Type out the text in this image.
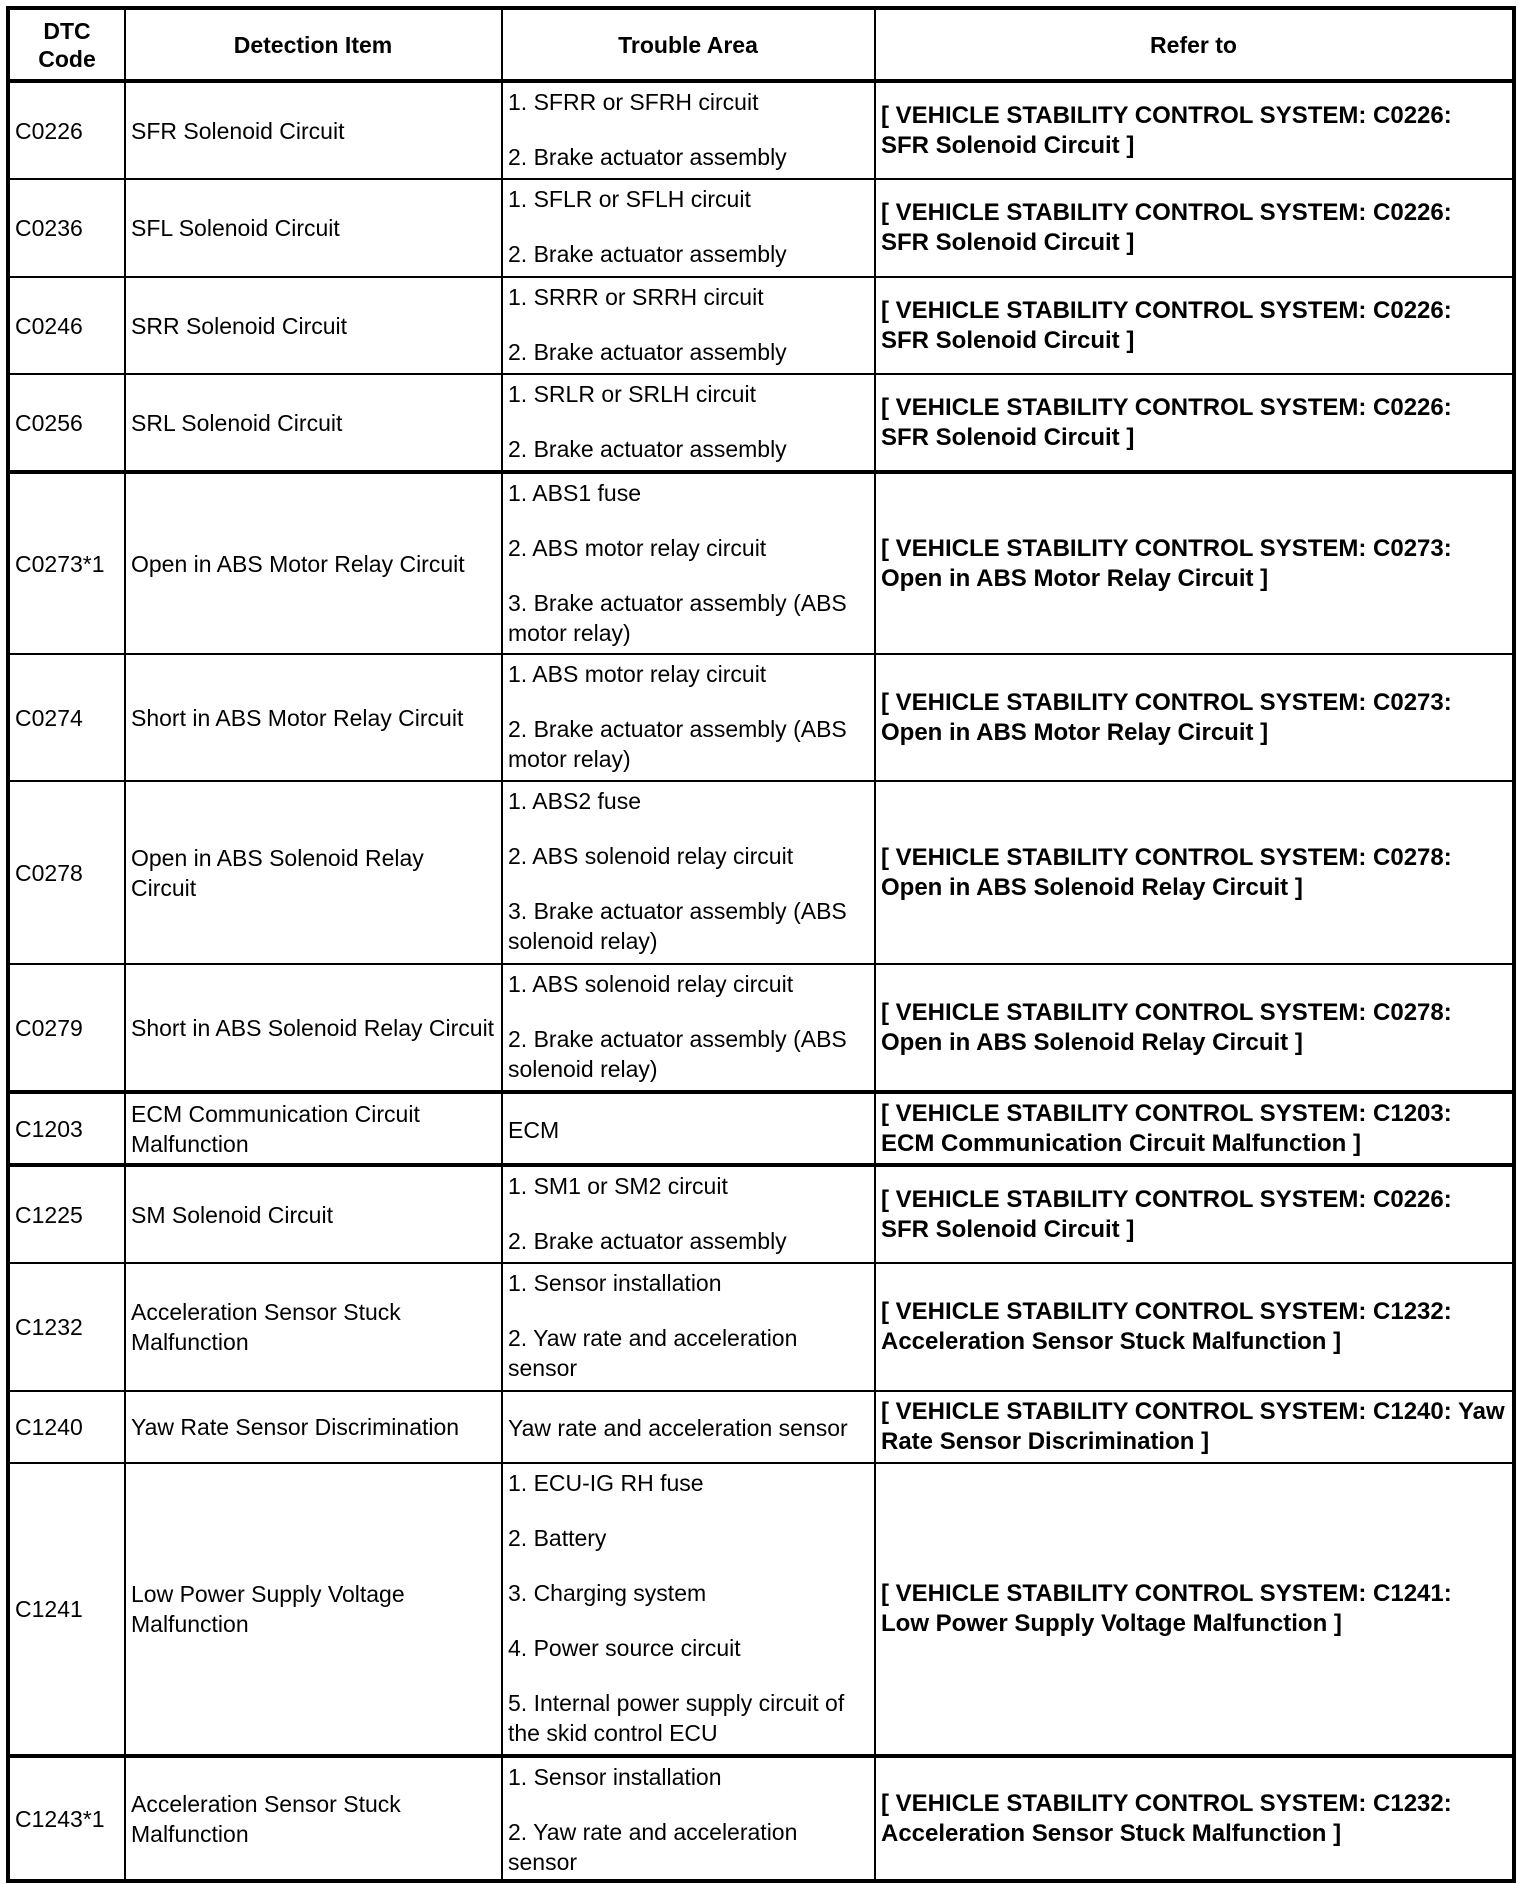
DTC Code	Detection Item	Trouble Area	Refer to
C0226	SFR Solenoid Circuit	1. SFRR or SFRH circuit
2. Brake actuator assembly	[ VEHICLE STABILITY CONTROL SYSTEM: C0226: SFR Solenoid Circuit ]
C0236	SFL Solenoid Circuit	1. SFLR or SFLH circuit
2. Brake actuator assembly	[ VEHICLE STABILITY CONTROL SYSTEM: C0226: SFR Solenoid Circuit ]
C0246	SRR Solenoid Circuit	1. SRRR or SRRH circuit
2. Brake actuator assembly	[ VEHICLE STABILITY CONTROL SYSTEM: C0226: SFR Solenoid Circuit ]
C0256	SRL Solenoid Circuit	1. SRLR or SRLH circuit
2. Brake actuator assembly	[ VEHICLE STABILITY CONTROL SYSTEM: C0226: SFR Solenoid Circuit ]
C0273*1	Open in ABS Motor Relay Circuit	1. ABS1 fuse
2. ABS motor relay circuit
3. Brake actuator assembly (ABS motor relay)	[ VEHICLE STABILITY CONTROL SYSTEM: C0273: Open in ABS Motor Relay Circuit ]
C0274	Short in ABS Motor Relay Circuit	1. ABS motor relay circuit
2. Brake actuator assembly (ABS motor relay)	[ VEHICLE STABILITY CONTROL SYSTEM: C0273: Open in ABS Motor Relay Circuit ]
C0278	Open in ABS Solenoid Relay Circuit	1. ABS2 fuse
2. ABS solenoid relay circuit
3. Brake actuator assembly (ABS solenoid relay)	[ VEHICLE STABILITY CONTROL SYSTEM: C0278: Open in ABS Solenoid Relay Circuit ]
C0279	Short in ABS Solenoid Relay Circuit	1. ABS solenoid relay circuit
2. Brake actuator assembly (ABS solenoid relay)	[ VEHICLE STABILITY CONTROL SYSTEM: C0278: Open in ABS Solenoid Relay Circuit ]
C1203	ECM Communication Circuit Malfunction	ECM	[ VEHICLE STABILITY CONTROL SYSTEM: C1203: ECM Communication Circuit Malfunction ]
C1225	SM Solenoid Circuit	1. SM1 or SM2 circuit
2. Brake actuator assembly	[ VEHICLE STABILITY CONTROL SYSTEM: C0226: SFR Solenoid Circuit ]
C1232	Acceleration Sensor Stuck Malfunction	1. Sensor installation
2. Yaw rate and acceleration sensor	[ VEHICLE STABILITY CONTROL SYSTEM: C1232: Acceleration Sensor Stuck Malfunction ]
C1240	Yaw Rate Sensor Discrimination	Yaw rate and acceleration sensor	[ VEHICLE STABILITY CONTROL SYSTEM: C1240: Yaw Rate Sensor Discrimination ]
C1241	Low Power Supply Voltage Malfunction	1. ECU-IG RH fuse
2. Battery
3. Charging system
4. Power source circuit
5. Internal power supply circuit of the skid control ECU	[ VEHICLE STABILITY CONTROL SYSTEM: C1241: Low Power Supply Voltage Malfunction ]
C1243*1	Acceleration Sensor Stuck Malfunction	1. Sensor installation
2. Yaw rate and acceleration sensor	[ VEHICLE STABILITY CONTROL SYSTEM: C1232: Acceleration Sensor Stuck Malfunction ]
